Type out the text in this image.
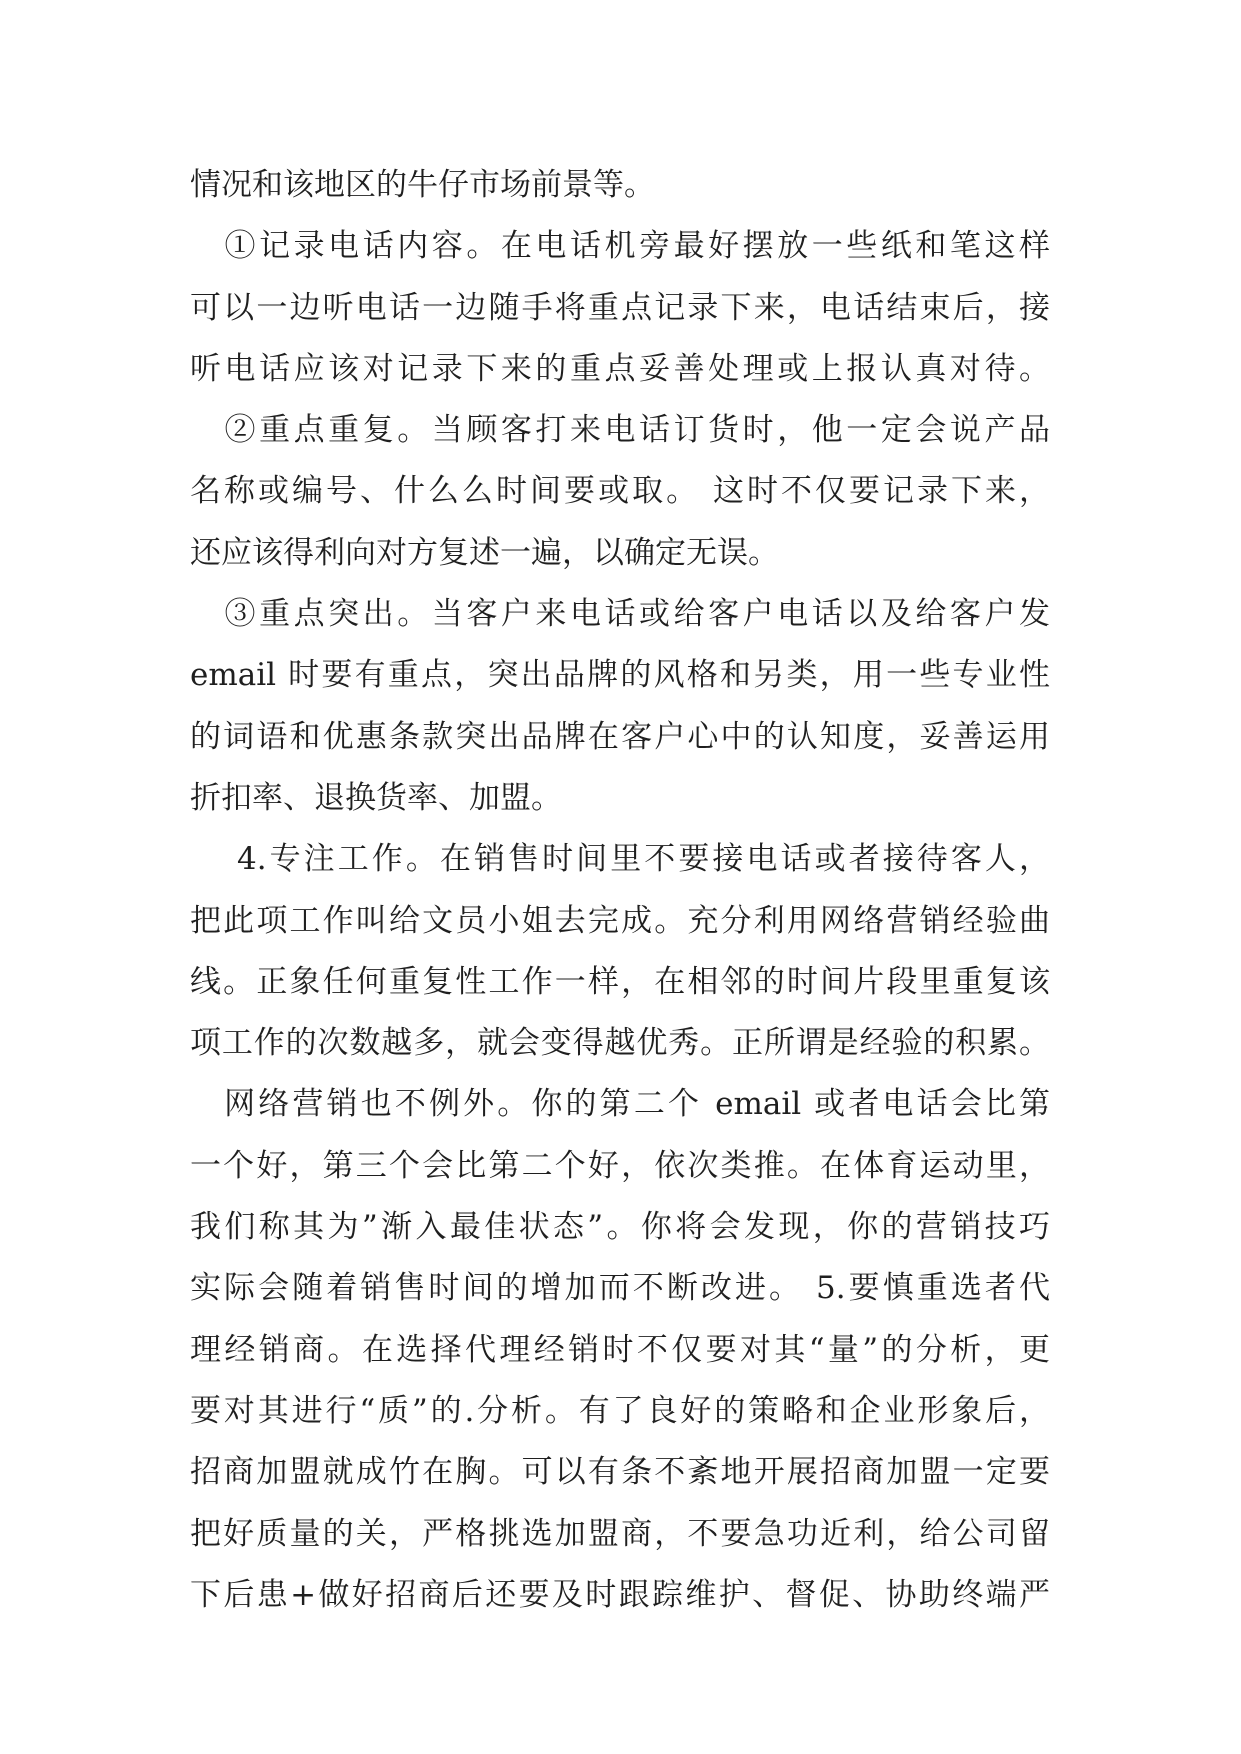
情况和该地区的牛仔市场前景等。
　①记录电话内容。在电话机旁最好摆放一些纸和笔这样
可以一边听电话一边随手将重点记录下来，电话结束后，接
听电话应该对记录下来的重点妥善处理或上报认真对待。
　②重点重复。当顾客打来电话订货时，他一定会说产品
名称或编号、什么么时间要或取。 这时不仅要记录下来，
还应该得利向对方复述一遍，以确定无误。
　③重点突出。当客户来电话或给客户电话以及给客户发
email 时要有重点，突出品牌的风格和另类，用一些专业性
的词语和优惠条款突出品牌在客户心中的认知度，妥善运用
折扣率、退换货率、加盟。
　 4.专注工作。在销售时间里不要接电话或者接待客人，
把此项工作叫给文员小姐去完成。充分利用网络营销经验曲
线。正象任何重复性工作一样，在相邻的时间片段里重复该
项工作的次数越多，就会变得越优秀。正所谓是经验的积累。
　网络营销也不例外。你的第二个 email 或者电话会比第
一个好，第三个会比第二个好，依次类推。在体育运动里，
我们称其为”渐入最佳状态”。你将会发现，你的营销技巧
实际会随着销售时间的增加而不断改进。 5.要慎重选者代
理经销商。在选择代理经销时不仅要对其“量”的分析，更
要对其进行“质”的.分析。有了良好的策略和企业形象后，
招商加盟就成竹在胸。可以有条不紊地开展招商加盟一定要
把好质量的关，严格挑选加盟商，不要急功近利，给公司留
下后患+做好招商后还要及时跟踪维护、督促、协助终端严
